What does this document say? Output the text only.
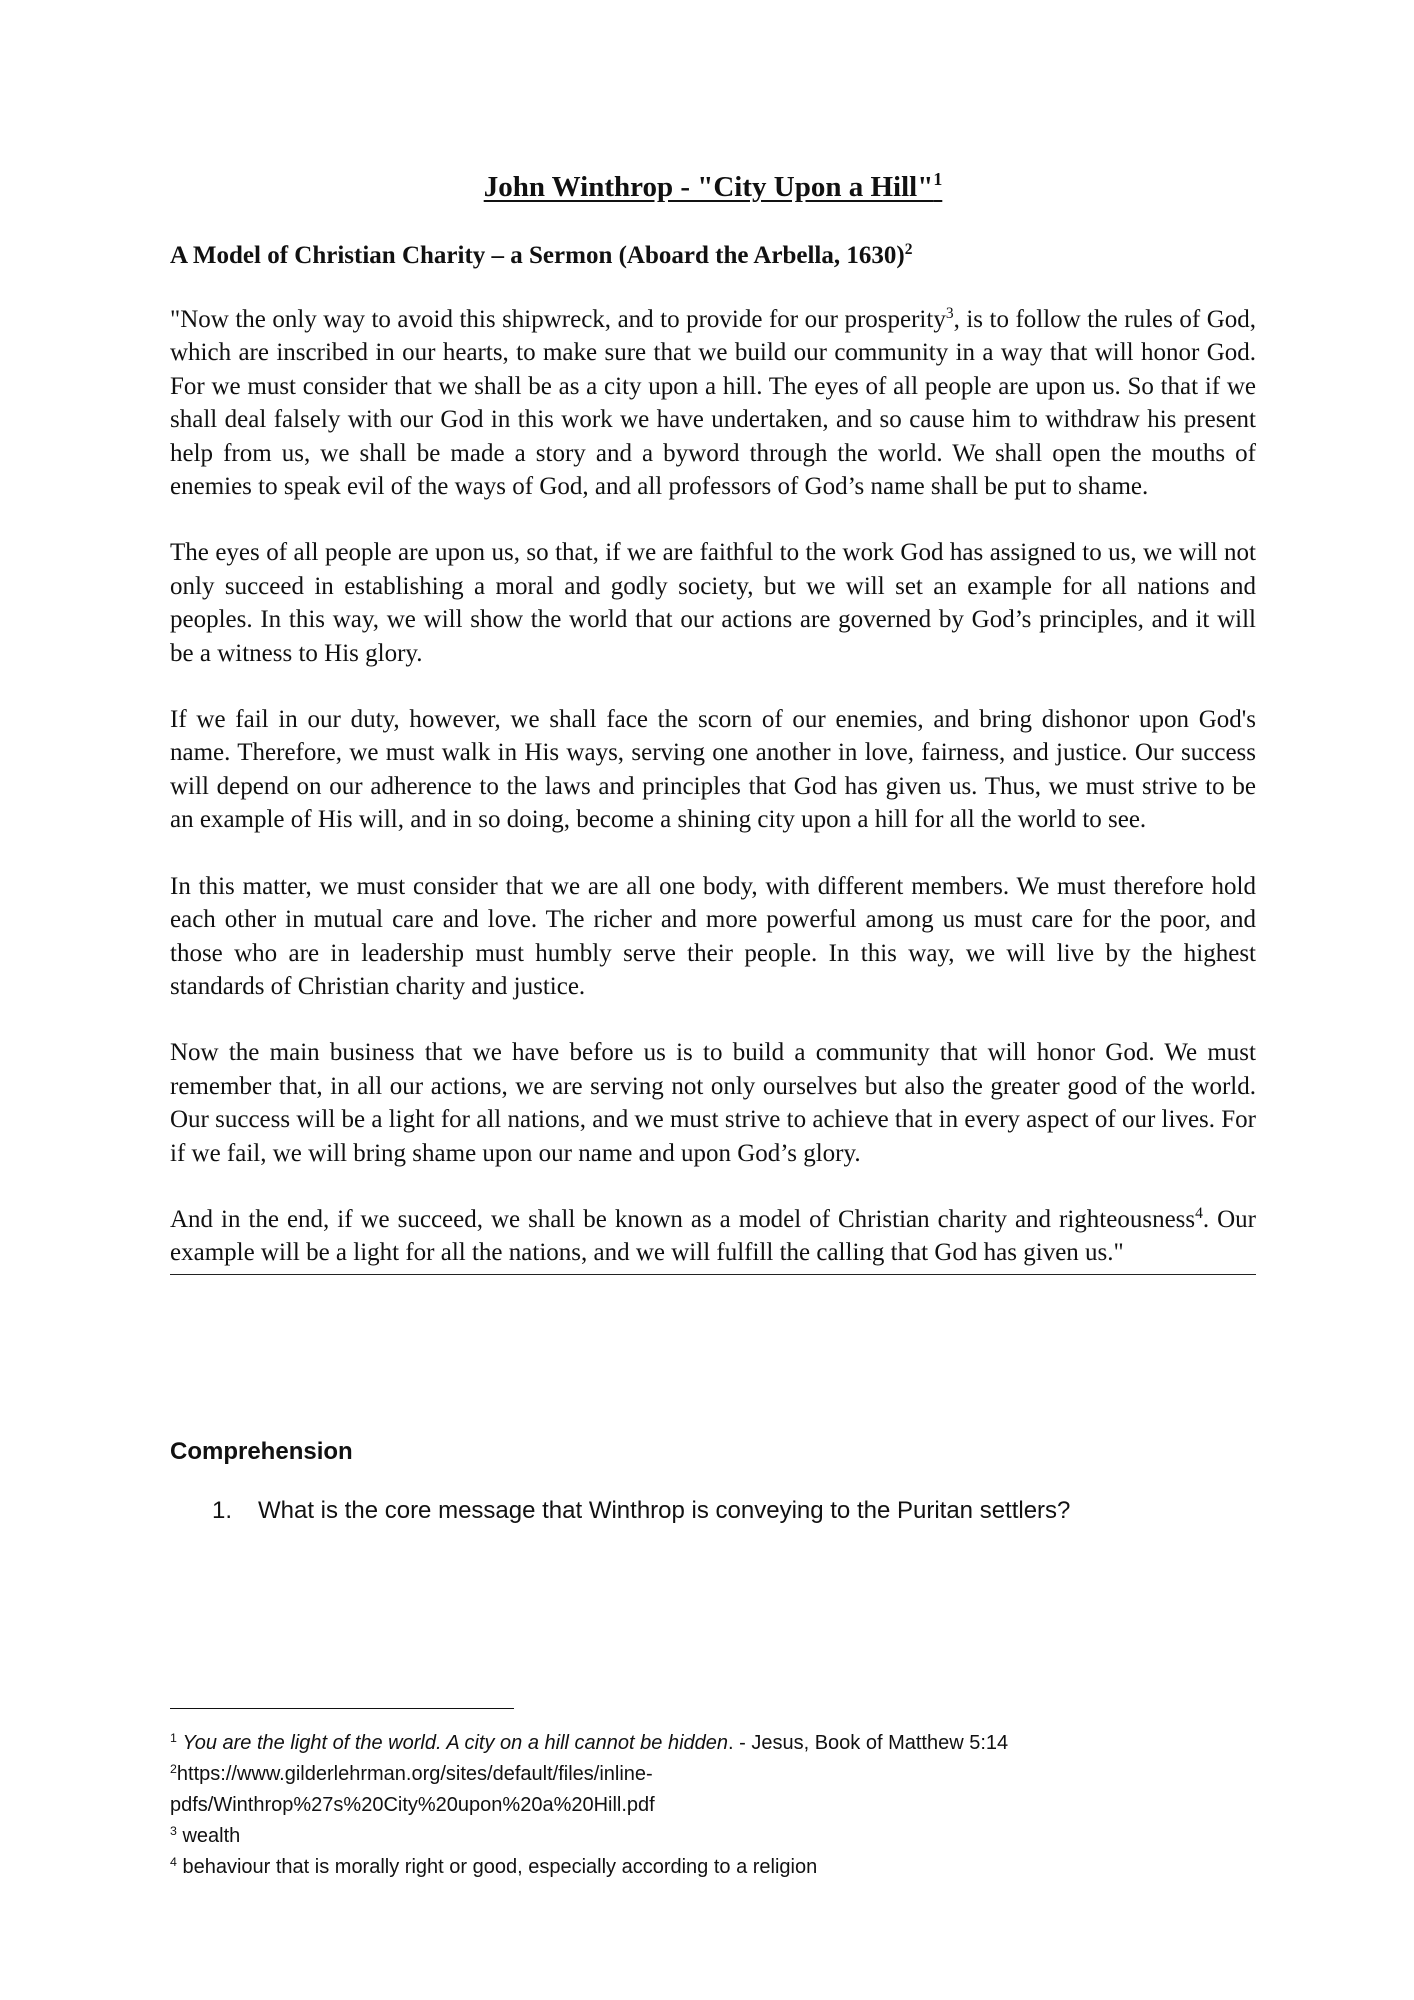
John Winthrop - "City Upon a Hill"$^1$
A Model of Christian Charity – a Sermon (Aboard the Arbella, 1630)$^2$

"Now the only way to avoid this shipwreck, and to provide for our prosperity$^3$, is to follow the rules of God, which are inscribed in our hearts, to make sure that we build our community in a way that will honor God. For we must consider that we shall be as a city upon a hill. The eyes of all people are upon us. So that if we shall deal falsely with our God in this work we have undertaken, and so cause him to withdraw his present help from us, we shall be made a story and a byword through the world. We shall open the mouths of enemies to speak evil of the ways of God, and all professors of God’s name shall be put to shame.

The eyes of all people are upon us, so that, if we are faithful to the work God has assigned to us, we will not only succeed in establishing a moral and godly society, but we will set an example for all nations and peoples. In this way, we will show the world that our actions are governed by God’s principles, and it will be a witness to His glory.

If we fail in our duty, however, we shall face the scorn of our enemies, and bring dishonor upon God's name. Therefore, we must walk in His ways, serving one another in love, fairness, and justice. Our success will depend on our adherence to the laws and principles that God has given us. Thus, we must strive to be an example of His will, and in so doing, become a shining city upon a hill for all the world to see.

In this matter, we must consider that we are all one body, with different members. We must therefore hold each other in mutual care and love. The richer and more powerful among us must care for the poor, and those who are in leadership must humbly serve their people. In this way, we will live by the highest standards of Christian charity and justice.

Now the main business that we have before us is to build a community that will honor God. We must remember that, in all our actions, we are serving not only ourselves but also the greater good of the world. Our success will be a light for all nations, and we must strive to achieve that in every aspect of our lives. For if we fail, we will bring shame upon our name and upon God’s glory.

And in the end, if we succeed, we shall be known as a model of Christian charity and righteousness$^4$. Our example will be a light for all the nations, and we will fulfill the calling that God has given us."

Comprehension
1. What is the core message that Winthrop is conveying to the Puritan settlers?
$^1$ You are the light of the world. A city on a hill cannot be hidden. - Jesus, Book of Matthew 5:14
$^2$https://www.gilderlehrman.org/sites/default/files/inline-
pdfs/Winthrop%27s%20City%20upon%20a%20Hill.pdf
$^3$ wealth
$^4$ behaviour that is morally right or good, especially according to a religion
